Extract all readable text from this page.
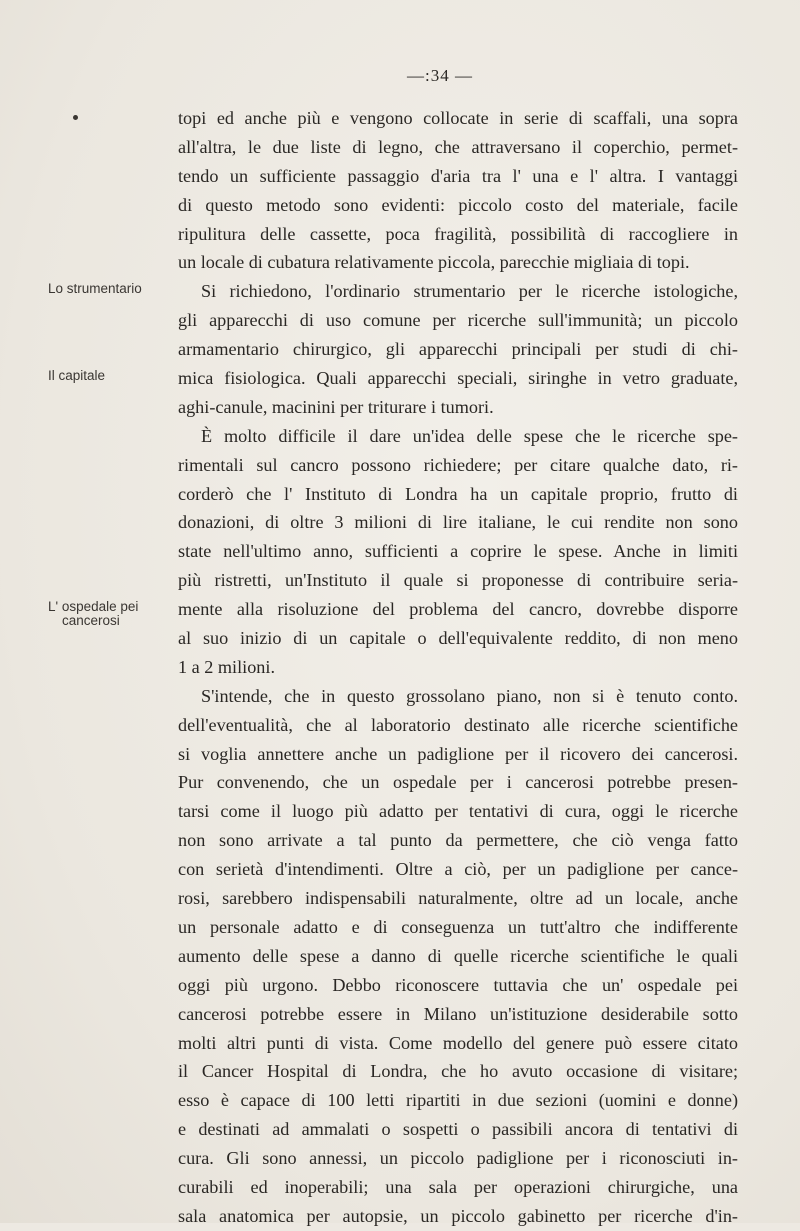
—:34 —
Lo strumentario
Il capitale
L' ospedale pei
cancerosi
topi ed anche più e vengono collocate in serie di scaffali, una sopra
all'altra, le due liste di legno, che attraversano il coperchio, permet-
tendo un sufficiente passaggio d'aria tra l' una e l' altra. I vantaggi
di questo metodo sono evidenti: piccolo costo del materiale, facile
ripulitura delle cassette, poca fragilità, possibilità di raccogliere in
un locale di cubatura relativamente piccola, parecchie migliaia di topi.
Si richiedono, l'ordinario strumentario per le ricerche istologiche,
gli apparecchi di uso comune per ricerche sull'immunità; un piccolo
armamentario chirurgico, gli apparecchi principali per studi di chi-
mica fisiologica. Quali apparecchi speciali, siringhe in vetro graduate,
aghi-canule, macinini per triturare i tumori.
È molto difficile il dare un'idea delle spese che le ricerche spe-
rimentali sul cancro possono richiedere; per citare qualche dato, ri-
corderò che l' Instituto di Londra ha un capitale proprio, frutto di
donazioni, di oltre 3 milioni di lire italiane, le cui rendite non sono
state nell'ultimo anno, sufficienti a coprire le spese. Anche in limiti
più ristretti, un'Instituto il quale si proponesse di contribuire seria-
mente alla risoluzione del problema del cancro, dovrebbe disporre
al suo inizio di un capitale o dell'equivalente reddito, di non meno
1 a 2 milioni.
S'intende, che in questo grossolano piano, non si è tenuto conto.
dell'eventualità, che al laboratorio destinato alle ricerche scientifiche
si voglia annettere anche un padiglione per il ricovero dei cancerosi.
Pur convenendo, che un ospedale per i cancerosi potrebbe presen-
tarsi come il luogo più adatto per tentativi di cura, oggi le ricerche
non sono arrivate a tal punto da permettere, che ciò venga fatto
con serietà d'intendimenti. Oltre a ciò, per un padiglione per cance-
rosi, sarebbero indispensabili naturalmente, oltre ad un locale, anche
un personale adatto e di conseguenza un tutt'altro che indifferente
aumento delle spese a danno di quelle ricerche scientifiche le quali
oggi più urgono. Debbo riconoscere tuttavia che un' ospedale pei
cancerosi potrebbe essere in Milano un'istituzione desiderabile sotto
molti altri punti di vista. Come modello del genere può essere citato
il Cancer Hospital di Londra, che ho avuto occasione di visitare;
esso è capace di 100 letti ripartiti in due sezioni (uomini e donne)
e destinati ad ammalati o sospetti o passibili ancora di tentativi di
cura. Gli sono annessi, un piccolo padiglione per i riconosciuti in-
curabili ed inoperabili; una sala per operazioni chirurgiche, una
sala anatomica per autopsie, un piccolo gabinetto per ricerche d'in-
